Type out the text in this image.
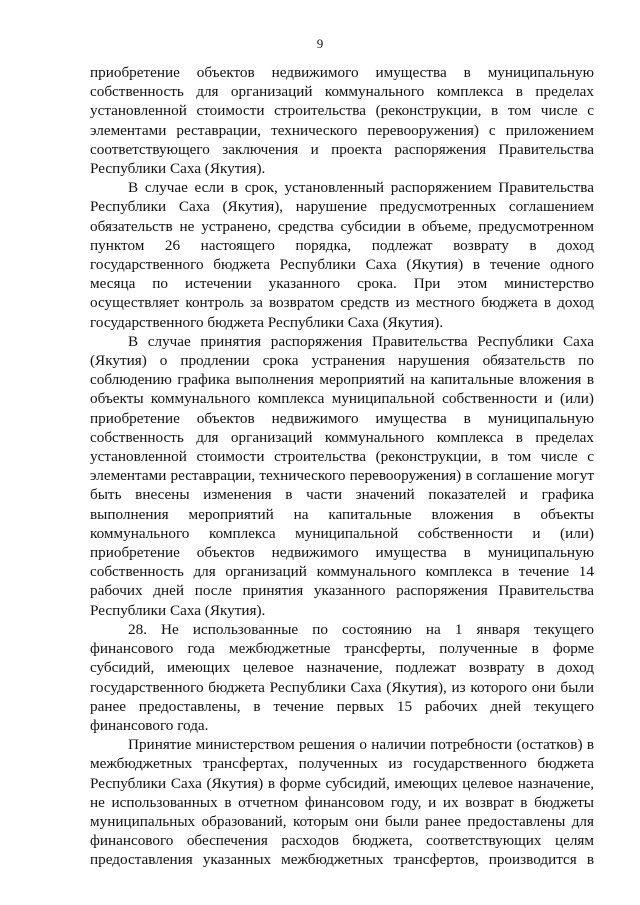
9

приобретение объектов недвижимого имущества в муниципальную собственность для организаций коммунального комплекса в пределах установленной стоимости строительства (реконструкции, в том числе с элементами реставрации, технического перевооружения) с приложением соответствующего заключения и проекта распоряжения Правительства Республики Саха (Якутия).

В случае если в срок, установленный распоряжением Правительства Республики Саха (Якутия), нарушение предусмотренных соглашением обязательств не устранено, средства субсидии в объеме, предусмотренном пунктом 26 настоящего порядка, подлежат возврату в доход государственного бюджета Республики Саха (Якутия) в течение одного месяца по истечении указанного срока. При этом министерство осуществляет контроль за возвратом средств из местного бюджета в доход государственного бюджета Республики Саха (Якутия).

В случае принятия распоряжения Правительства Республики Саха (Якутия) о продлении срока устранения нарушения обязательств по соблюдению графика выполнения мероприятий на капитальные вложения в объекты коммунального комплекса муниципальной собственности и (или) приобретение объектов недвижимого имущества в муниципальную собственность для организаций коммунального комплекса в пределах установленной стоимости строительства (реконструкции, в том числе с элементами реставрации, технического перевооружения) в соглашение могут быть внесены изменения в части значений показателей и графика выполнения мероприятий на капитальные вложения в объекты коммунального комплекса муниципальной собственности и (или) приобретение объектов недвижимого имущества в муниципальную собственность для организаций коммунального комплекса в течение 14 рабочих дней после принятия указанного распоряжения Правительства Республики Саха (Якутия).

28. Не использованные по состоянию на 1 января текущего финансового года межбюджетные трансферты, полученные в форме субсидий, имеющих целевое назначение, подлежат возврату в доход государственного бюджета Республики Саха (Якутия), из которого они были ранее предоставлены, в течение первых 15 рабочих дней текущего финансового года.

Принятие министерством решения о наличии потребности (остатков) в межбюджетных трансфертах, полученных из государственного бюджета Республики Саха (Якутия) в форме субсидий, имеющих целевое назначение, не использованных в отчетном финансовом году, и их возврат в бюджеты муниципальных образований, которым они были ранее предоставлены для финансового обеспечения расходов бюджета, соответствующих целям предоставления указанных межбюджетных трансфертов, производится в
